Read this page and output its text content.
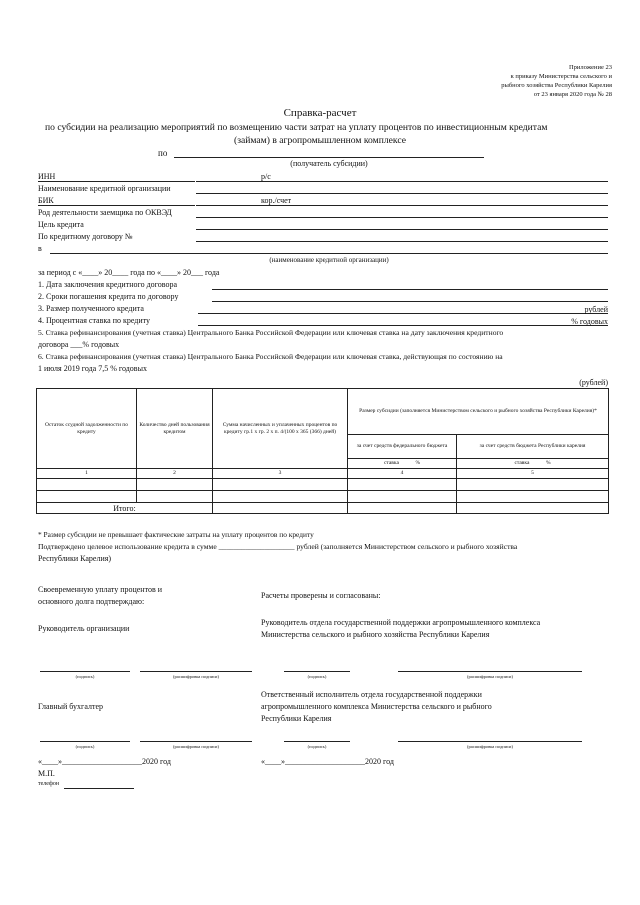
Приложение 23
к приказу Министерства сельского и
рыбного хозяйства Республики Карелия
от 23 января 2020 года № 28
Справка-расчет
по субсидии на реализацию мероприятий по возмещению части затрат на уплату процентов по инвестиционным кредитам
(займам) в агропромышленном комплексе
по
(получатель субсидии)
ИНН	р/с
Наименование кредитной организации
БИК	кор./счет
Род деятельности заемщика по ОКВЭД
Цель кредита
По кредитному договору №
в
(наименование кредитной организации)
за период с «____» 20____ года по «____» 20___ года
1. Дата заключения кредитного договора
2. Сроки погашения кредита по договору
3. Размер полученного кредита	рублей
4. Процентная ставка по кредиту	% годовых
5. Ставка рефинансирования (учетная ставка) Центрального Банка Российской Федерации или ключевая ставка на дату заключения кредитного
договора ___% годовых
6. Ставка рефинансирования (учетная ставка) Центрального Банка Российской Федерации или ключевая ставка, действующая по состоянию на
1 июля 2019 года 7,5 % годовых
(рублей)
Остаток ссудной задолженности по кредиту	Количество дней пользования кредитом	Сумма начисленных и уплаченных процентов по кредиту гр.1 х гр. 2 х п. 4/(100 х 365 (366) дней)	Размер субсидии (заполняется Министерством сельского и рыбного хозяйства Республики Карелия)*	
			за счет средств федерального бюджета	за счет средств бюджета Республики карелия
			ставка %	ставка %
1	2	3	4	5

Итого:				
* Размер субсидии не превышает фактические затраты на уплату процентов по кредиту
Подтверждено целевое использование кредита в сумме ____________________ рублей (заполняется Министерством сельского и рыбного хозяйства
Республики Карелия)
Своевременную уплату процентов и
основного долга подтверждаю:
Руководитель организации
(подпись)	(расшифровка подписи)
Главный бухгалтер
(подпись)	(расшифровка подписи)
«____»____________________2020 год
М.П.
телефон
Расчеты проверены и согласованы:
Руководитель отдела государственной поддержки агропромышленного комплекса
Министерства сельского и рыбного хозяйства Республики Карелия
(подпись)	(расшифровка подписи)
Ответственный исполнитель отдела государственной поддержки
агропромышленного комплекса Министерства сельского и рыбного
Республики Карелия
(подпись)	(расшифровка подписи)
«____»____________________2020 год
